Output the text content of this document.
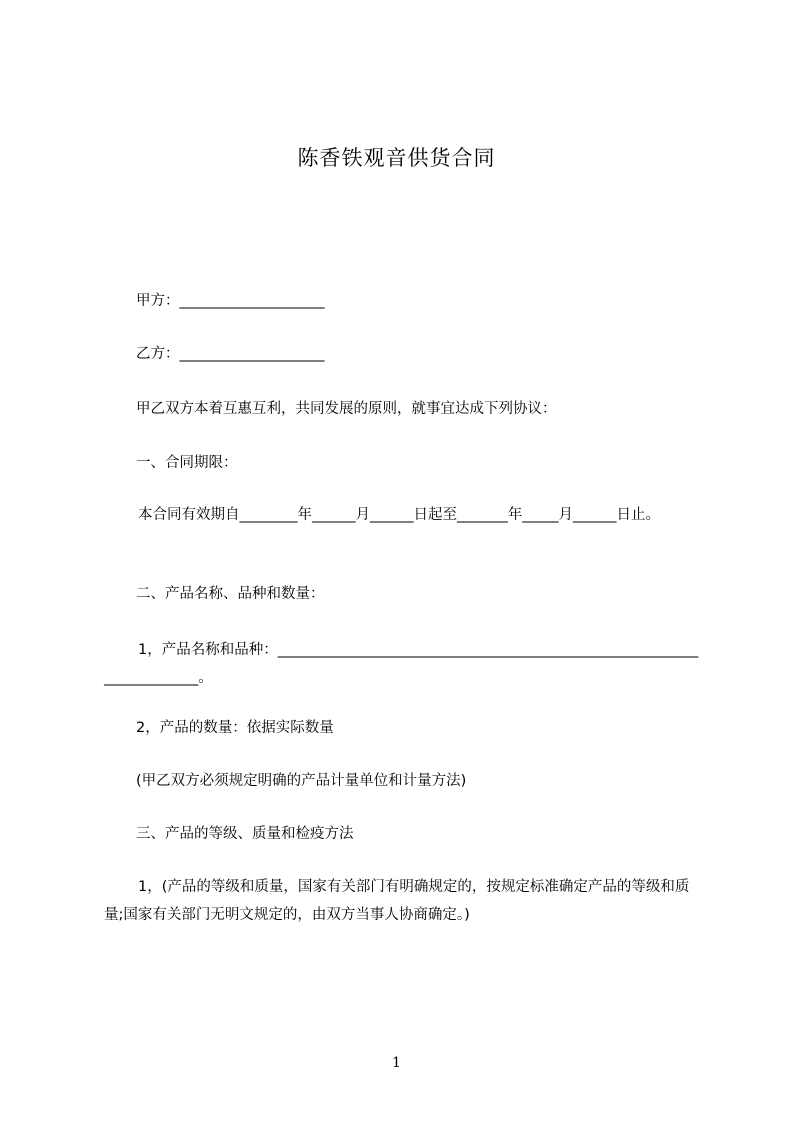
陈香铁观音供货合同
甲方：____________________
乙方：____________________
甲乙双方本着互惠互利，共同发展的原则，就事宜达成下列协议：
一、合同期限：
本合同有效期自________年______月______日起至_______年_____月______日止。
二、产品名称、品种和数量：
1，产品名称和品种：_______________________________________________________________________。
2，产品的数量：依据实际数量
(甲乙双方必须规定明确的产品计量单位和计量方法)
三、产品的等级、质量和检疫方法
1，(产品的等级和质量，国家有关部门有明确规定的，按规定标准确定产品的等级和质量;国家有关部门无明文规定的，由双方当事人协商确定。)
1
